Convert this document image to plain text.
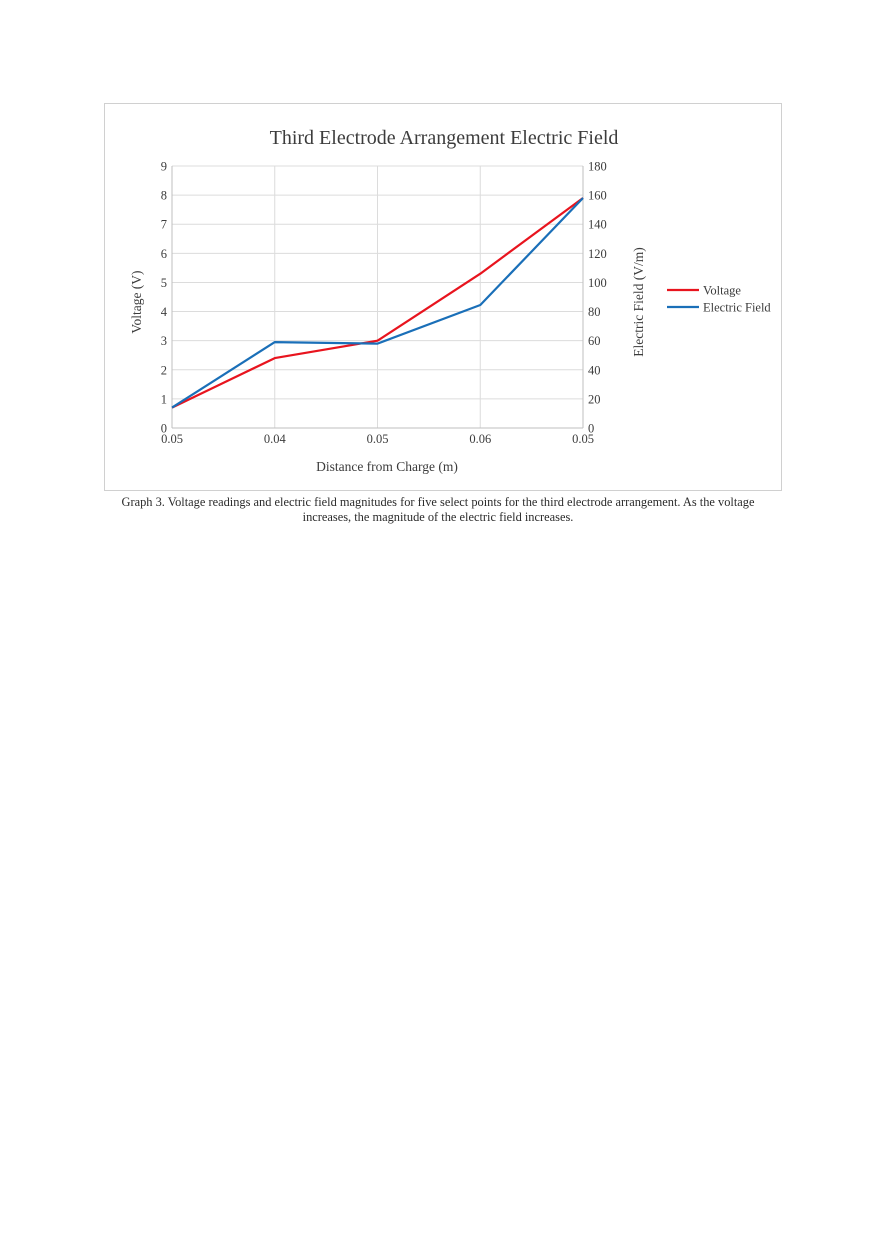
Third Electrode Arrangement Electric Field
0
1
2
3
4
5
6
7
8
9
0
20
40
60
80
100
120
140
160
180
0.05	0.04	0.05	0.06	0.05
Distance from Charge (m)
Voltage (V)	Electric Field (V/m)	Voltage
Electric Field
Graph 3. Voltage readings and electric field magnitudes for five select points for the third electrode arrangement. As the voltage increases, the magnitude of the electric field increases.
